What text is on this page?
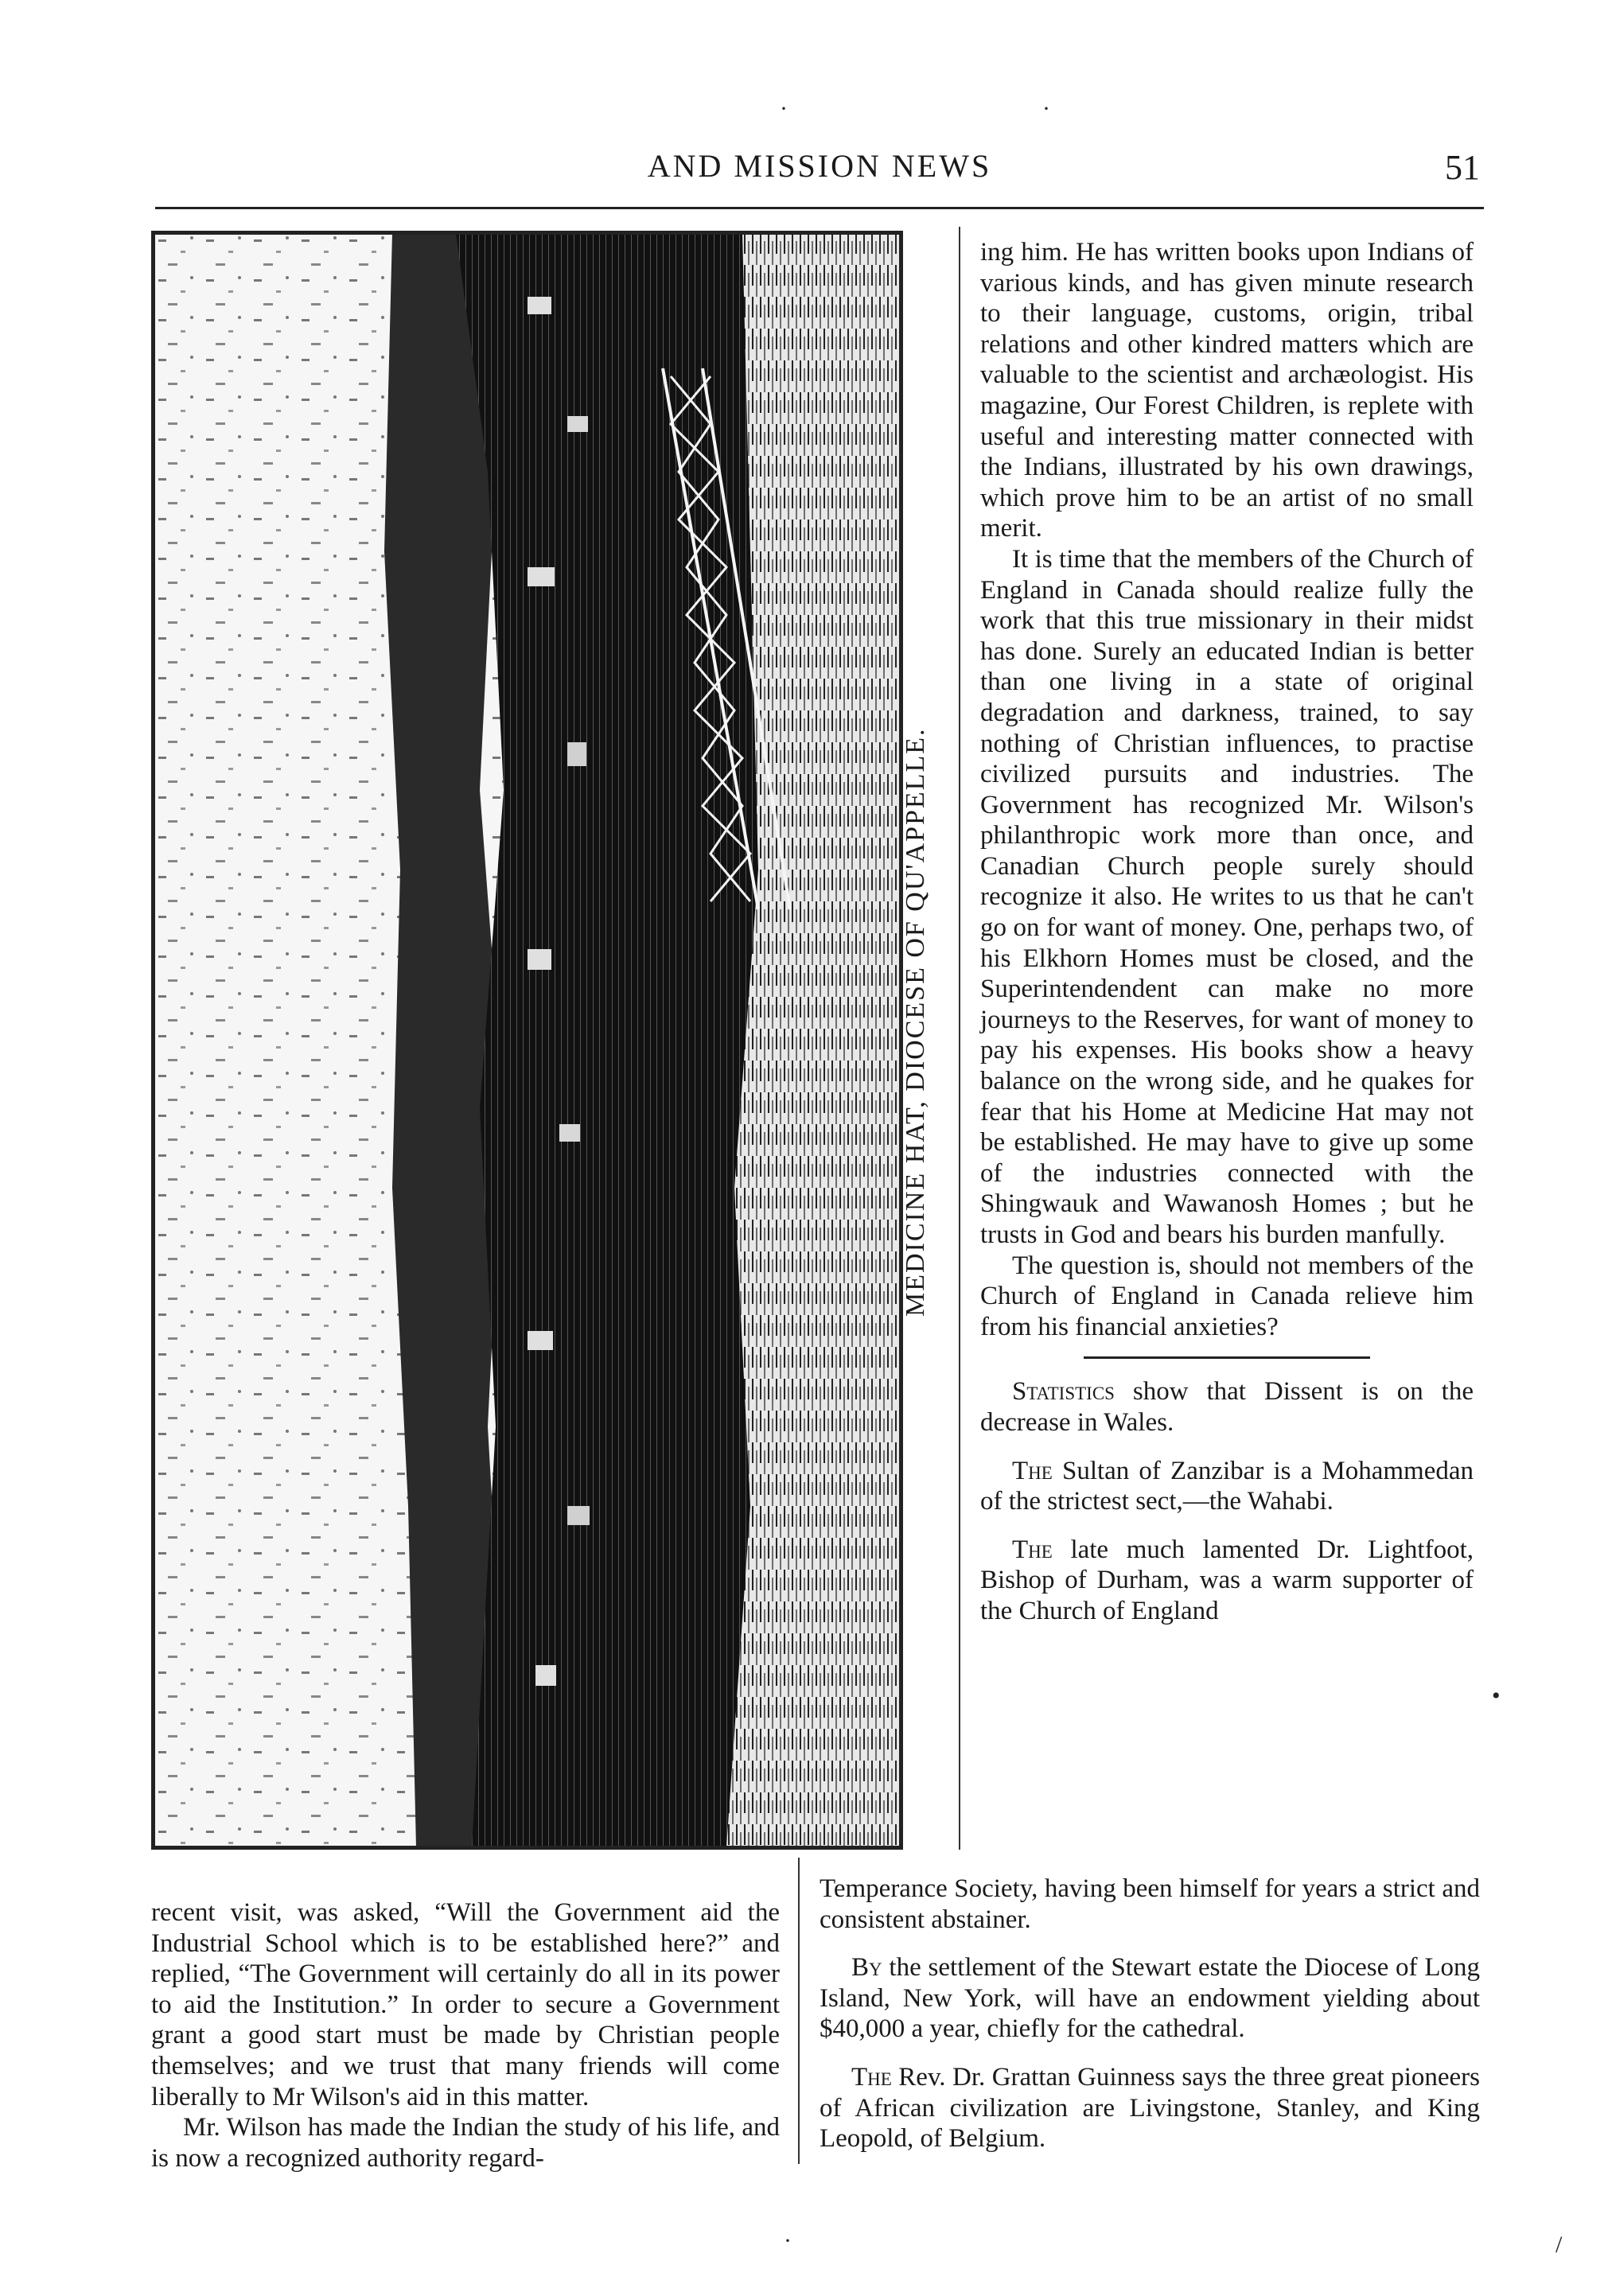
AND MISSION NEWS	51
MEDICINE HAT, DIOCESE OF QU'APPELLE.

ing him. He has written books upon Indians of various kinds, and has given minute research to their language, customs, origin, tribal relations and other kindred matters which are valuable to the scientist and archæologist. His magazine, Our Forest Children, is replete with useful and interesting matter connected with the Indians, illustrated by his own drawings, which prove him to be an artist of no small merit.

It is time that the members of the Church of England in Canada should realize fully the work that this true missionary in their midst has done. Surely an educated Indian is better than one living in a state of original degradation and darkness, trained, to say nothing of Christian influences, to practise civilized pursuits and industries. The Government has recognized Mr. Wilson's philanthropic work more than once, and Canadian Church people surely should recognize it also. He writes to us that he can't go on for want of money. One, perhaps two, of his Elkhorn Homes must be closed, and the Superintendendent can make no more journeys to the Reserves, for want of money to pay his expenses. His books show a heavy balance on the wrong side, and he quakes for fear that his Home at Medicine Hat may not be established. He may have to give up some of the industries connected with the Shingwauk and Wawanosh Homes ; but he trusts in God and bears his burden manfully.

The question is, should not members of the Church of England in Canada relieve him from his financial anxieties?

Statistics show that Dissent is on the decrease in Wales.

The Sultan of Zanzibar is a Mohammedan of the strictest sect,—the Wahabi.

The late much lamented Dr. Lightfoot, Bishop of Durham, was a warm supporter of the Church of England

Temperance Society, having been himself for years a strict and consistent abstainer.

By the settlement of the Stewart estate the Diocese of Long Island, New York, will have an endowment yielding about $40,000 a year, chiefly for the cathedral.

The Rev. Dr. Grattan Guinness says the three great pioneers of African civilization are Livingstone, Stanley, and King Leopold, of Belgium.

recent visit, was asked, “Will the Government aid the Industrial School which is to be established here?” and replied, “The Government will certainly do all in its power to aid the Institution.” In order to secure a Government grant a good start must be made by Christian people themselves; and we trust that many friends will come liberally to Mr Wilson's aid in this matter.

Mr. Wilson has made the Indian the study of his life, and is now a recognized authority regard-

·	·
•
·	/
